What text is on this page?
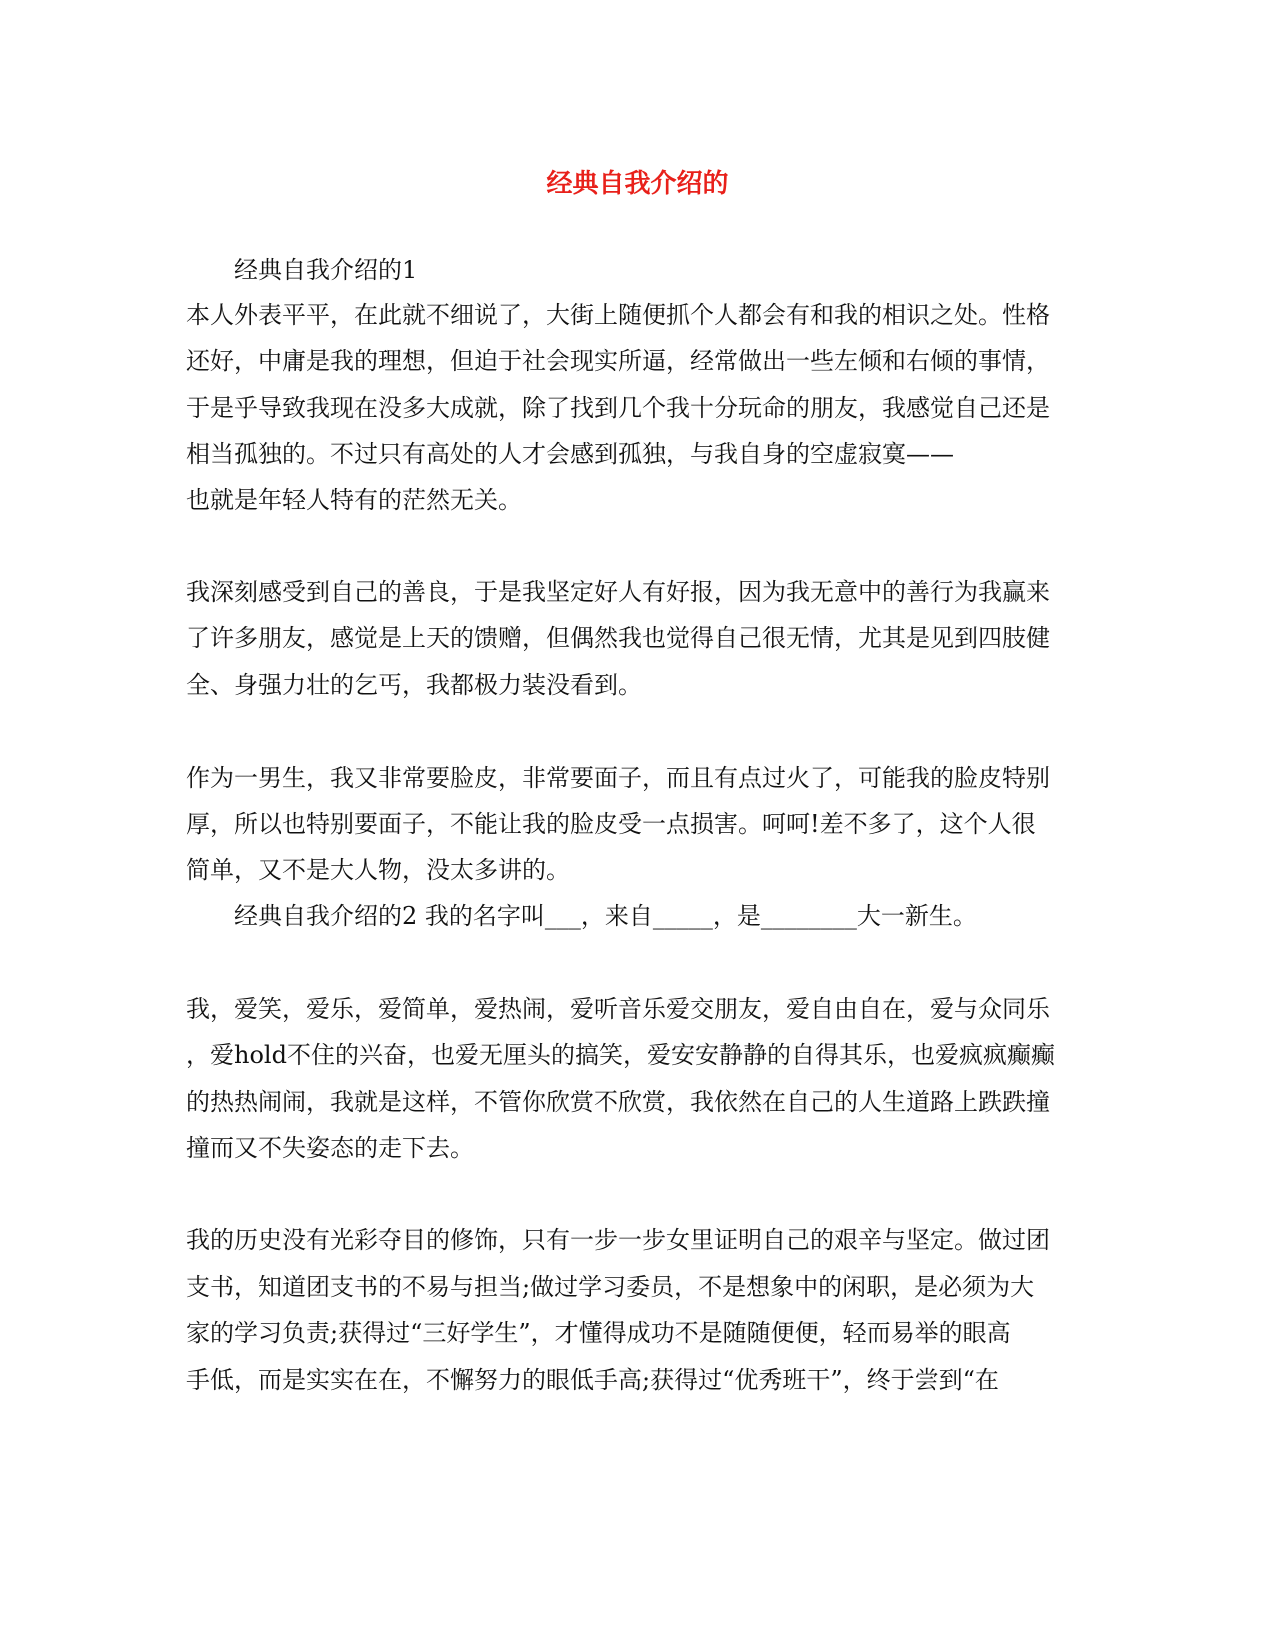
经典自我介绍的
经典自我介绍的1
本人外表平平，在此就不细说了，大街上随便抓个人都会有和我的相识之处。性格
还好，中庸是我的理想，但迫于社会现实所逼，经常做出一些左倾和右倾的事情，
于是乎导致我现在没多大成就，除了找到几个我十分玩命的朋友，我感觉自己还是
相当孤独的。不过只有高处的人才会感到孤独，与我自身的空虚寂寞——
也就是年轻人特有的茫然无关。
我深刻感受到自己的善良，于是我坚定好人有好报，因为我无意中的善行为我赢来
了许多朋友，感觉是上天的馈赠，但偶然我也觉得自己很无情，尤其是见到四肢健
全、身强力壮的乞丐，我都极力装没看到。
作为一男生，我又非常要脸皮，非常要面子，而且有点过火了，可能我的脸皮特别
厚，所以也特别要面子，不能让我的脸皮受一点损害。呵呵!差不多了，这个人很
简单，又不是大人物，没太多讲的。
经典自我介绍的2 我的名字叫___，来自_____，是________大一新生。
我，爱笑，爱乐，爱简单，爱热闹，爱听音乐爱交朋友，爱自由自在，爱与众同乐
，爱hold不住的兴奋，也爱无厘头的搞笑，爱安安静静的自得其乐，也爱疯疯癫癫
的热热闹闹，我就是这样，不管你欣赏不欣赏，我依然在自己的人生道路上跌跌撞
撞而又不失姿态的走下去。
我的历史没有光彩夺目的修饰，只有一步一步女里证明自己的艰辛与坚定。做过团
支书，知道团支书的不易与担当;做过学习委员，不是想象中的闲职，是必须为大
家的学习负责;获得过“三好学生”，才懂得成功不是随随便便，轻而易举的眼高
手低，而是实实在在，不懈努力的眼低手高;获得过“优秀班干”，终于尝到“在
